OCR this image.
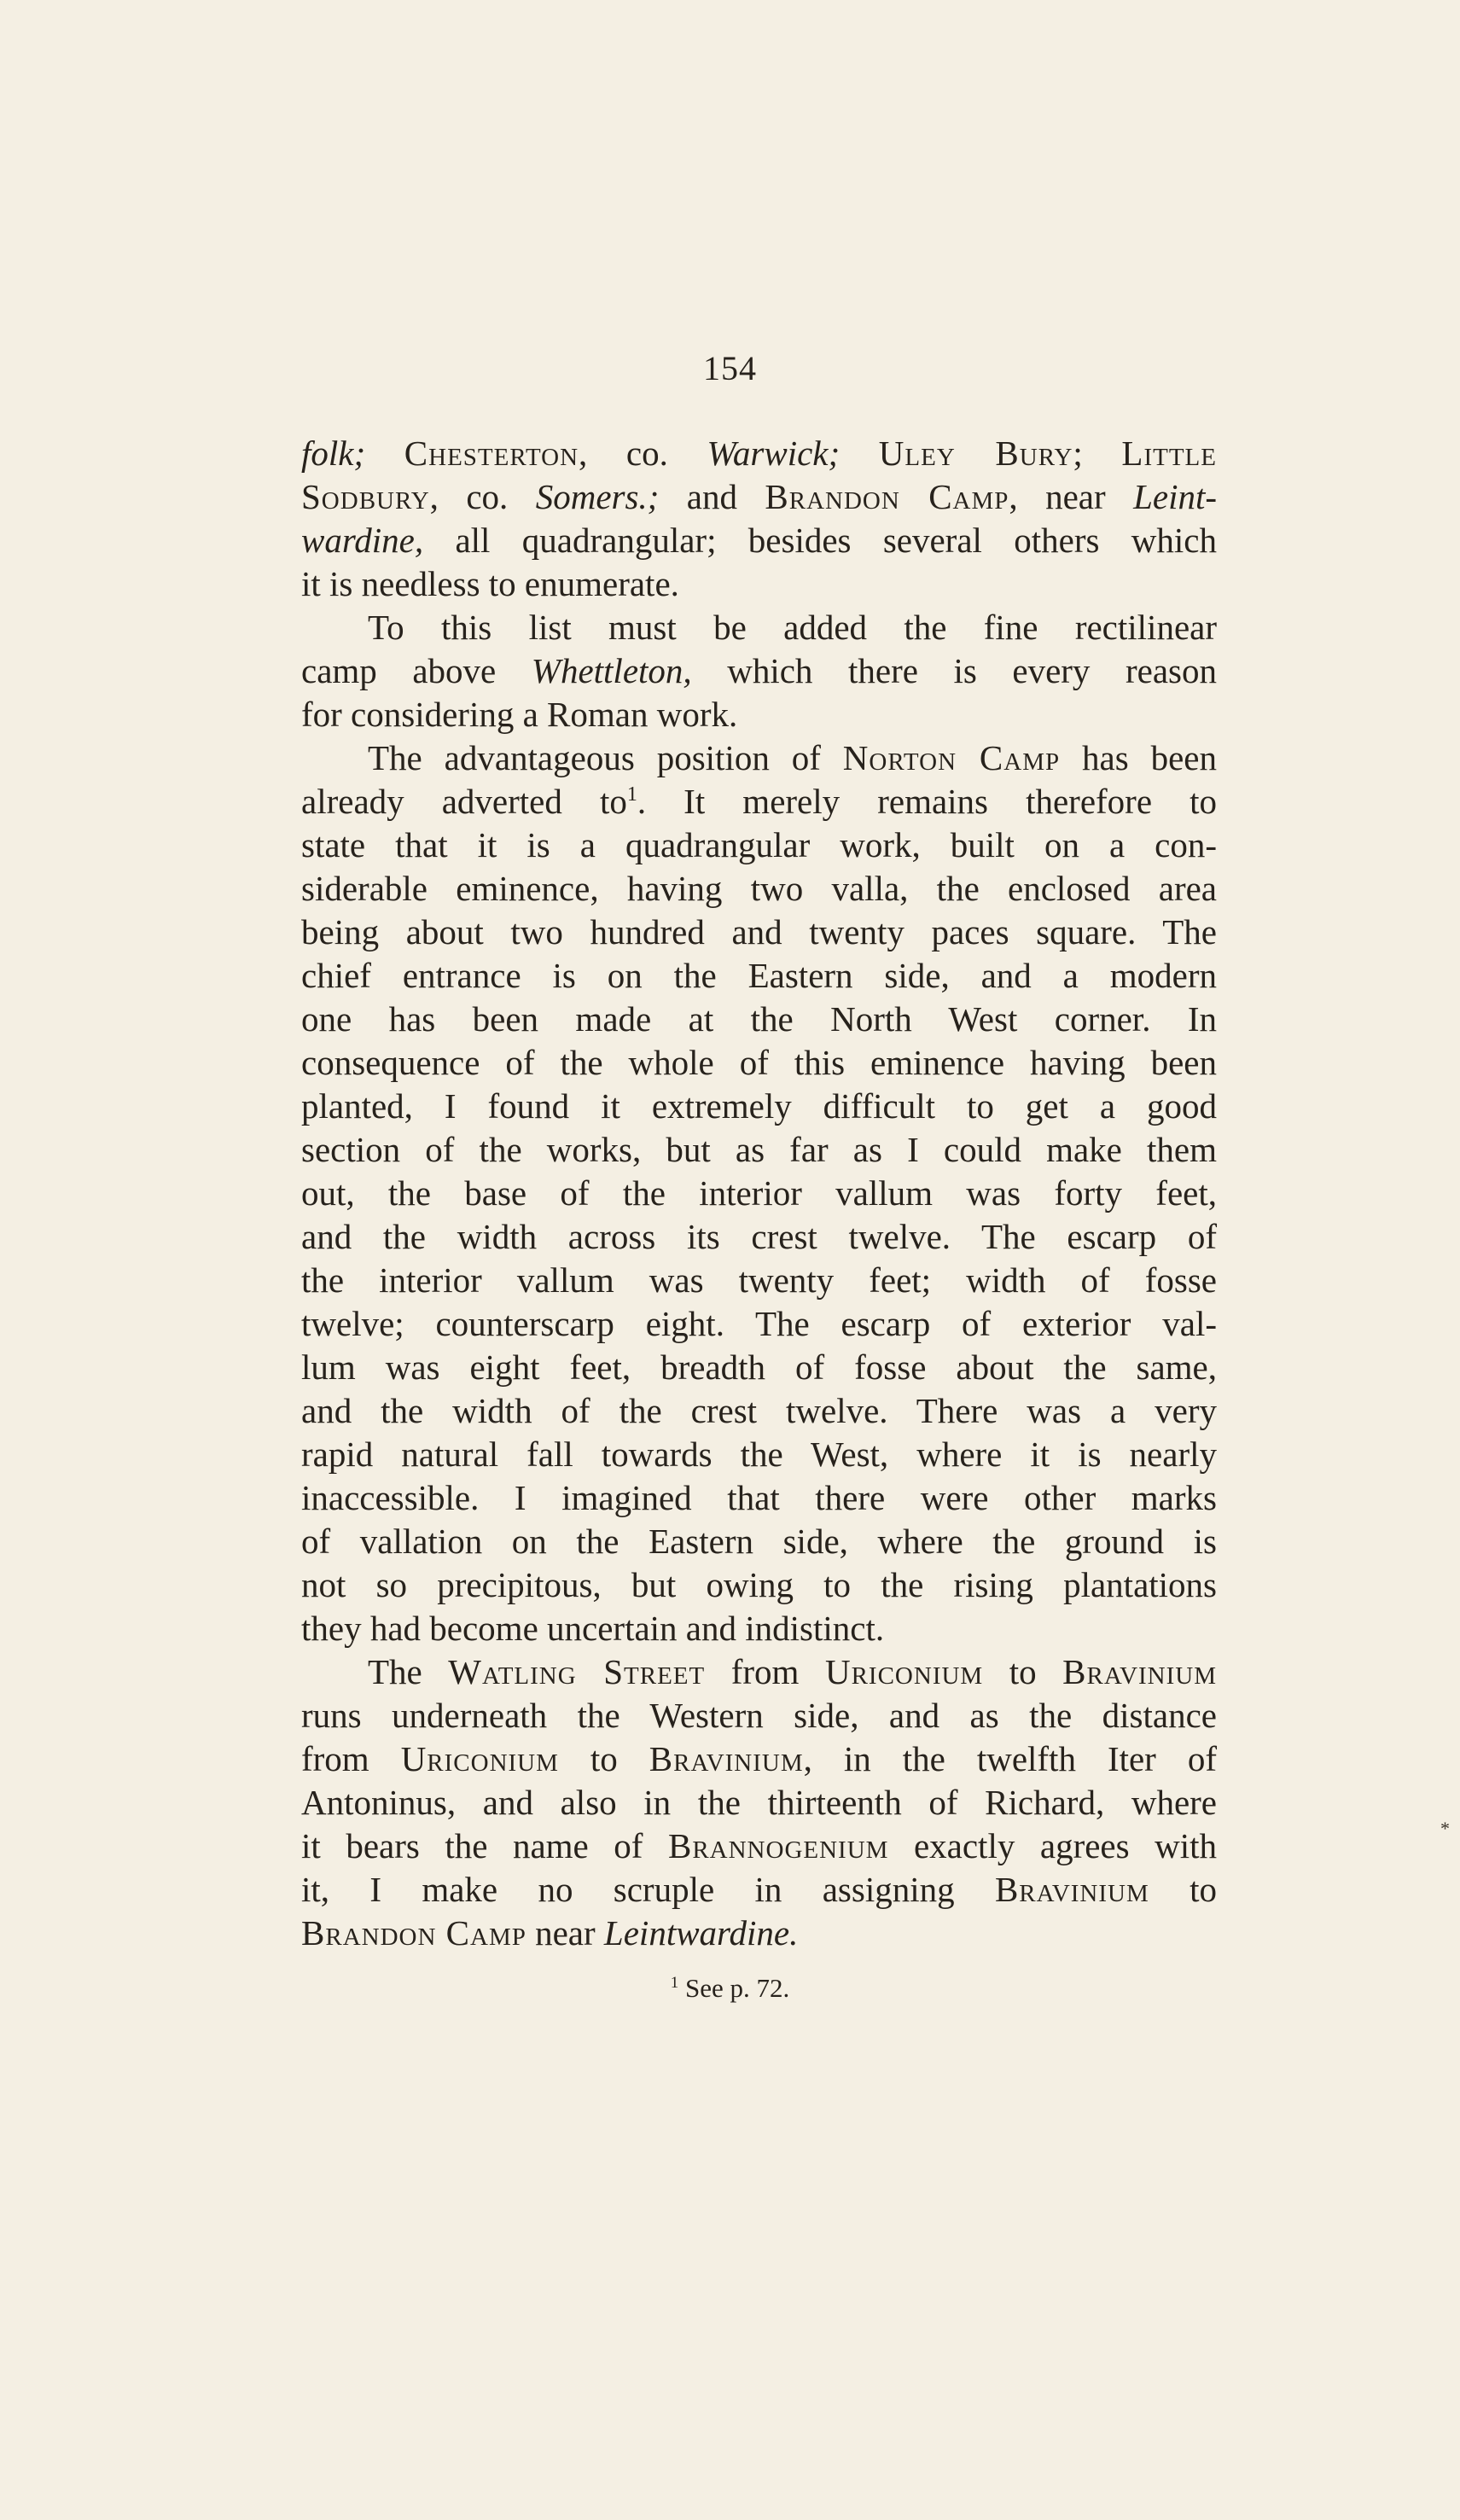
154
folk; Chesterton, co. Warwick; Uley Bury; Little
Sodbury, co. Somers.; and Brandon Camp, near Leint-
wardine, all quadrangular; besides several others which
it is needless to enumerate.
To this list must be added the fine rectilinear
camp above Whettleton, which there is every reason
for considering a Roman work.
The advantageous position of Norton Camp has been
already adverted $to^1$. It merely remains therefore to
state that it is a quadrangular work, built on a con-
siderable eminence, having two valla, the enclosed area
being about two hundred and twenty paces square. The
chief entrance is on the Eastern side, and a modern
one has been made at the North West corner. In
consequence of the whole of this eminence having been
planted, I found it extremely difficult to get a good
section of the works, but as far as I could make them
out, the base of the interior vallum was forty feet,
and the width across its crest twelve. The escarp of
the interior vallum was twenty feet; width of fosse
twelve; counterscarp eight. The escarp of exterior val-
lum was eight feet, breadth of fosse about the same,
and the width of the crest twelve. There was a very
rapid natural fall towards the West, where it is nearly
inaccessible. I imagined that there were other marks
of vallation on the Eastern side, where the ground is
not so precipitous, but owing to the rising plantations
they had become uncertain and indistinct.
The Watling Street from Uriconium to Bravinium
runs underneath the Western side, and as the distance
from Uriconium to Bravinium, in the twelfth Iter of
Antoninus, and also in the thirteenth of Richard, where
it bears the name of Brannogenium exactly agrees with
it, I make no scruple in assigning Bravinium to
Brandon Camp near Leintwardine.
$^1$ See p. 72.
*
